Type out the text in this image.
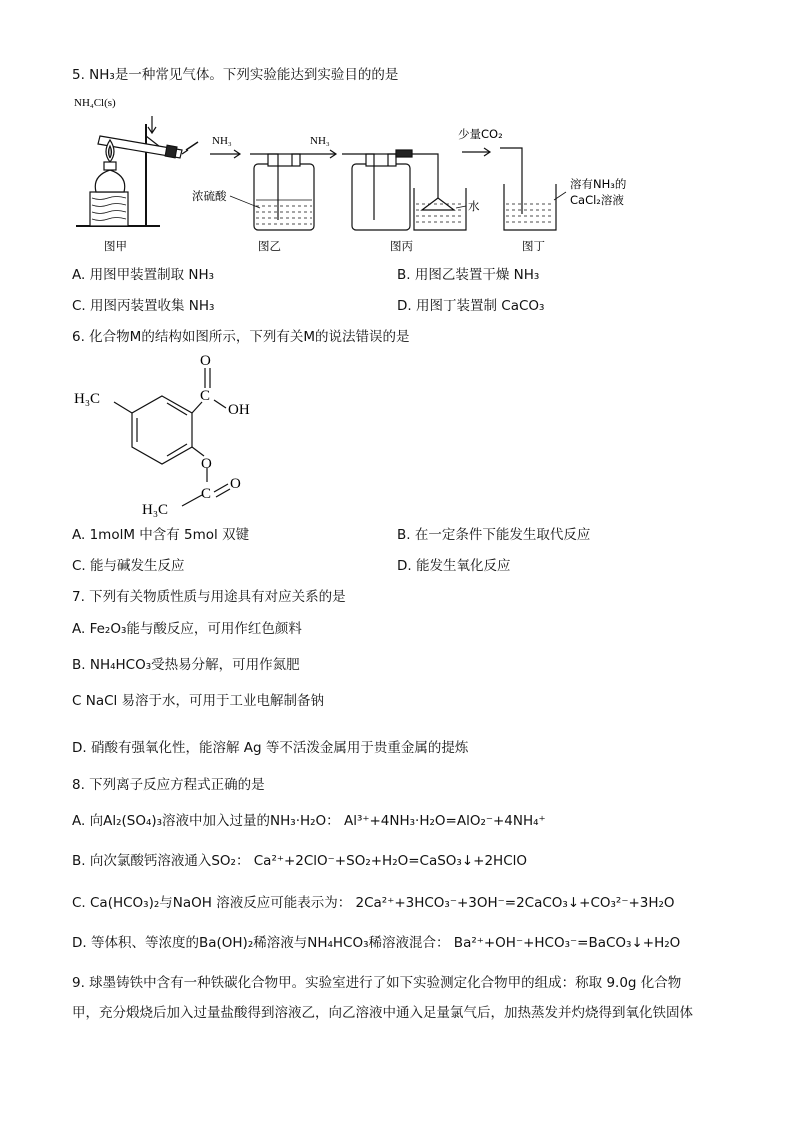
5. NH₃是一种常见气体。下列实验能达到实验目的的是
NH₄Cl(s)
图甲
NH₃
浓硫酸
图乙
NH₃
水
图丙
少量CO₂
溶有NH₃的
CaCl₂溶液
图丁
A. 用图甲装置制取 NH₃	B. 用图乙装置干燥 NH₃
C. 用图丙装置收集 NH₃	D. 用图丁装置制 CaCO₃
6. 化合物M的结构如图所示，下列有关M的说法错误的是
H₃C
O
C
OH
O
C
O
H₃C
A. 1molM 中含有 5mol 双键	B. 在一定条件下能发生取代反应
C. 能与碱发生反应	D. 能发生氧化反应
7. 下列有关物质性质与用途具有对应关系的是
A. Fe₂O₃能与酸反应，可用作红色颜料
B. NH₄HCO₃受热易分解，可用作氮肥
C NaCl 易溶于水，可用于工业电解制备钠
D. 硝酸有强氧化性，能溶解 Ag 等不活泼金属用于贵重金属的提炼
8. 下列离子反应方程式正确的是
A. 向Al₂(SO₄)₃溶液中加入过量的NH₃·H₂O： Al³⁺+4NH₃·H₂O=AlO₂⁻+4NH₄⁺
B. 向次氯酸钙溶液通入SO₂： Ca²⁺+2ClO⁻+SO₂+H₂O=CaSO₃↓+2HClO
C. Ca(HCO₃)₂与NaOH 溶液反应可能表示为： 2Ca²⁺+3HCO₃⁻+3OH⁻=2CaCO₃↓+CO₃²⁻+3H₂O
D. 等体积、等浓度的Ba(OH)₂稀溶液与NH₄HCO₃稀溶液混合： Ba²⁺+OH⁻+HCO₃⁻=BaCO₃↓+H₂O
9. 球墨铸铁中含有一种铁碳化合物甲。实验室进行了如下实验测定化合物甲的组成：称取 9.0g 化合物
甲，充分煅烧后加入过量盐酸得到溶液乙，向乙溶液中通入足量氯气后，加热蒸发并灼烧得到氧化铁固体
